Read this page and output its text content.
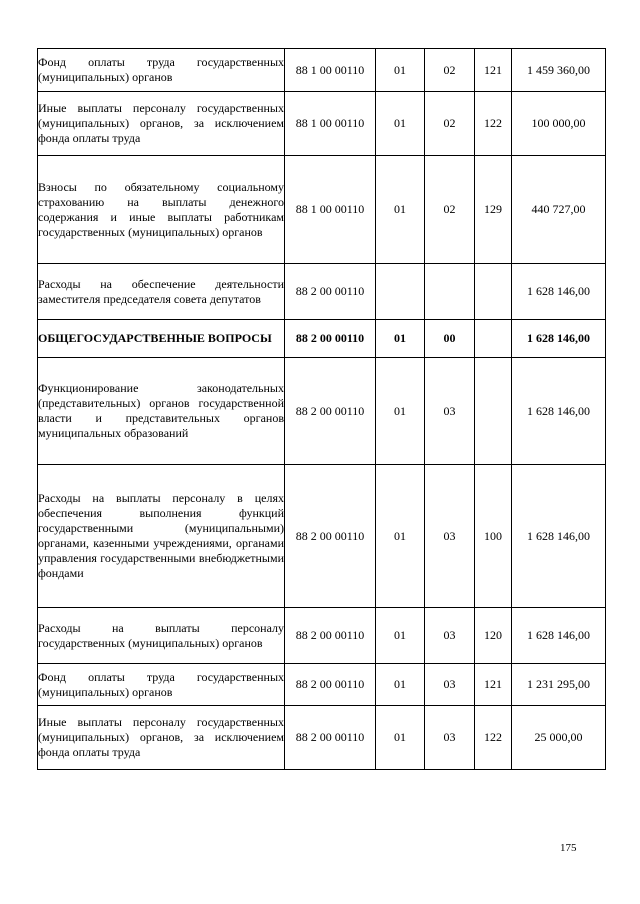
Фонд оплаты труда государственных (муниципальных) органов	88 1 00 00110	01	02	121	1 459 360,00
Иные выплаты персоналу государственных (муниципальных) органов, за исключением фонда оплаты труда	88 1 00 00110	01	02	122	100 000,00
Взносы по обязательному социальному страхованию на выплаты денежного содержания и иные выплаты работникам государственных (муниципальных) органов	88 1 00 00110	01	02	129	440 727,00
Расходы на обеспечение деятельности заместителя председателя совета депутатов	88 2 00 00110				1 628 146,00
ОБЩЕГОСУДАРСТВЕННЫЕ ВОПРОСЫ	88 2 00 00110	01	00		1 628 146,00
Функционирование законодательных (представительных) органов государственной власти и представительных органов муниципальных образований	88 2 00 00110	01	03		1 628 146,00
Расходы на выплаты персоналу в целях обеспечения выполнения функций государственными (муниципальными) органами, казенными учреждениями, органами управления государственными внебюджетными фондами	88 2 00 00110	01	03	100	1 628 146,00
Расходы на выплаты персоналу государственных (муниципальных) органов	88 2 00 00110	01	03	120	1 628 146,00
Фонд оплаты труда государственных (муниципальных) органов	88 2 00 00110	01	03	121	1 231 295,00
Иные выплаты персоналу государственных (муниципальных) органов, за исключением фонда оплаты труда	88 2 00 00110	01	03	122	25 000,00
175
